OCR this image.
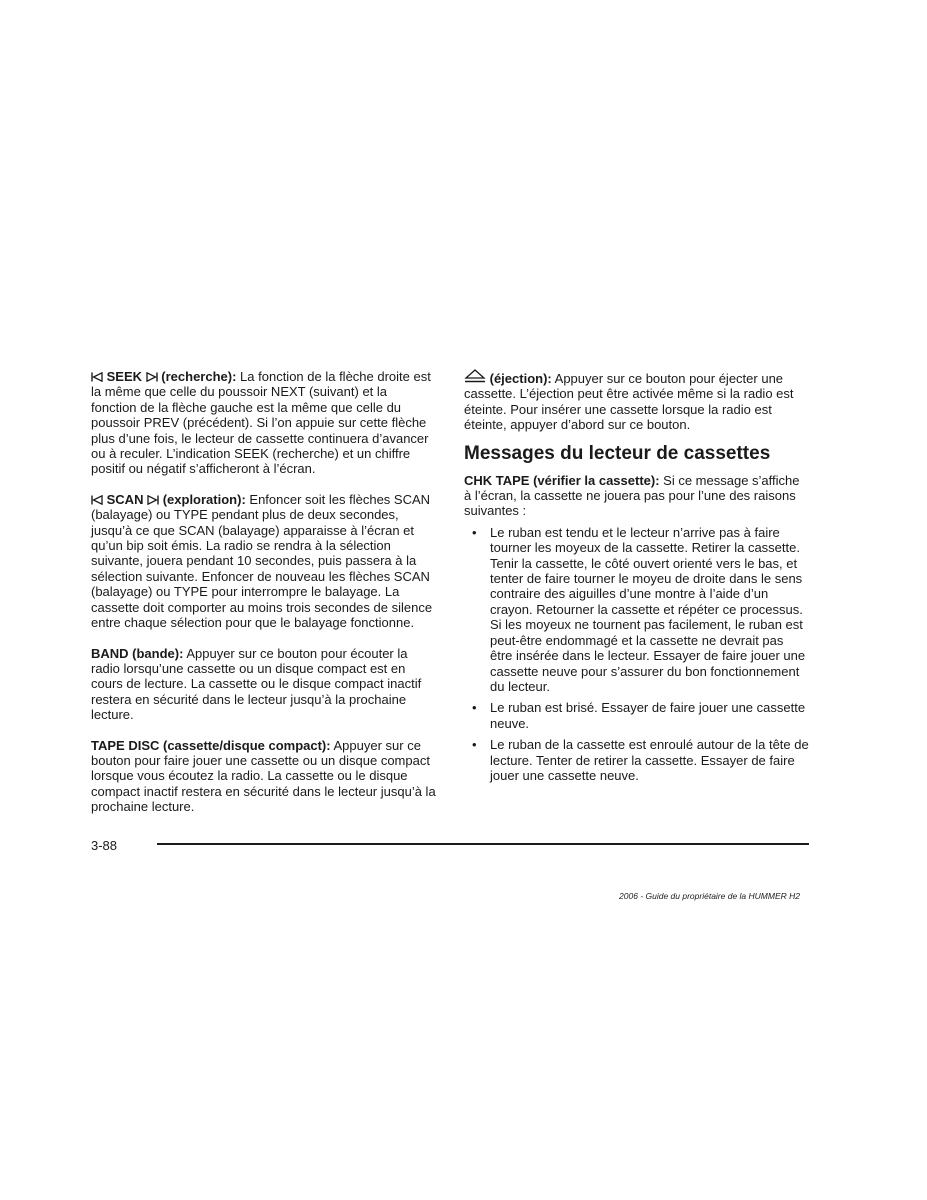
SEEK (recherche): La fonction de la flèche droite est la même que celle du poussoir NEXT (suivant) et la fonction de la flèche gauche est la même que celle du poussoir PREV (précédent). Si l’on appuie sur cette flèche plus d’une fois, le lecteur de cassette continuera d’avancer ou à reculer. L’indication SEEK (recherche) et un chiffre positif ou négatif s’afficheront à l’écran.

SCAN (exploration): Enfoncer soit les flèches SCAN (balayage) ou TYPE pendant plus de deux secondes, jusqu’à ce que SCAN (balayage) apparaisse à l’écran et qu’un bip soit émis. La radio se rendra à la sélection suivante, jouera pendant 10 secondes, puis passera à la sélection suivante. Enfoncer de nouveau les flèches SCAN (balayage) ou TYPE pour interrompre le balayage. La cassette doit comporter au moins trois secondes de silence entre chaque sélection pour que le balayage fonctionne.

BAND (bande): Appuyer sur ce bouton pour écouter la radio lorsqu’une cassette ou un disque compact est en cours de lecture. La cassette ou le disque compact inactif restera en sécurité dans le lecteur jusqu’à la prochaine lecture.

TAPE DISC (cassette/disque compact): Appuyer sur ce bouton pour faire jouer une cassette ou un disque compact lorsque vous écoutez la radio. La cassette ou le disque compact inactif restera en sécurité dans le lecteur jusqu’à la prochaine lecture.

(éjection): Appuyer sur ce bouton pour éjecter une cassette. L’éjection peut être activée même si la radio est éteinte. Pour insérer une cassette lorsque la radio est éteinte, appuyer d’abord sur ce bouton.

Messages du lecteur de cassettes

CHK TAPE (vérifier la cassette): Si ce message s’affiche à l’écran, la cassette ne jouera pas pour l’une des raisons suivantes :

• Le ruban est tendu et le lecteur n’arrive pas à faire tourner les moyeux de la cassette. Retirer la cassette. Tenir la cassette, le côté ouvert orienté vers le bas, et tenter de faire tourner le moyeu de droite dans le sens contraire des aiguilles d’une montre à l’aide d’un crayon. Retourner la cassette et répéter ce processus. Si les moyeux ne tournent pas facilement, le ruban est peut-être endommagé et la cassette ne devrait pas être insérée dans le lecteur. Essayer de faire jouer une cassette neuve pour s’assurer du bon fonctionnement du lecteur.
• Le ruban est brisé. Essayer de faire jouer une cassette neuve.
• Le ruban de la cassette est enroulé autour de la tête de lecture. Tenter de retirer la cassette. Essayer de faire jouer une cassette neuve.
3-88
2006 - Guide du propriétaire de la HUMMER H2
